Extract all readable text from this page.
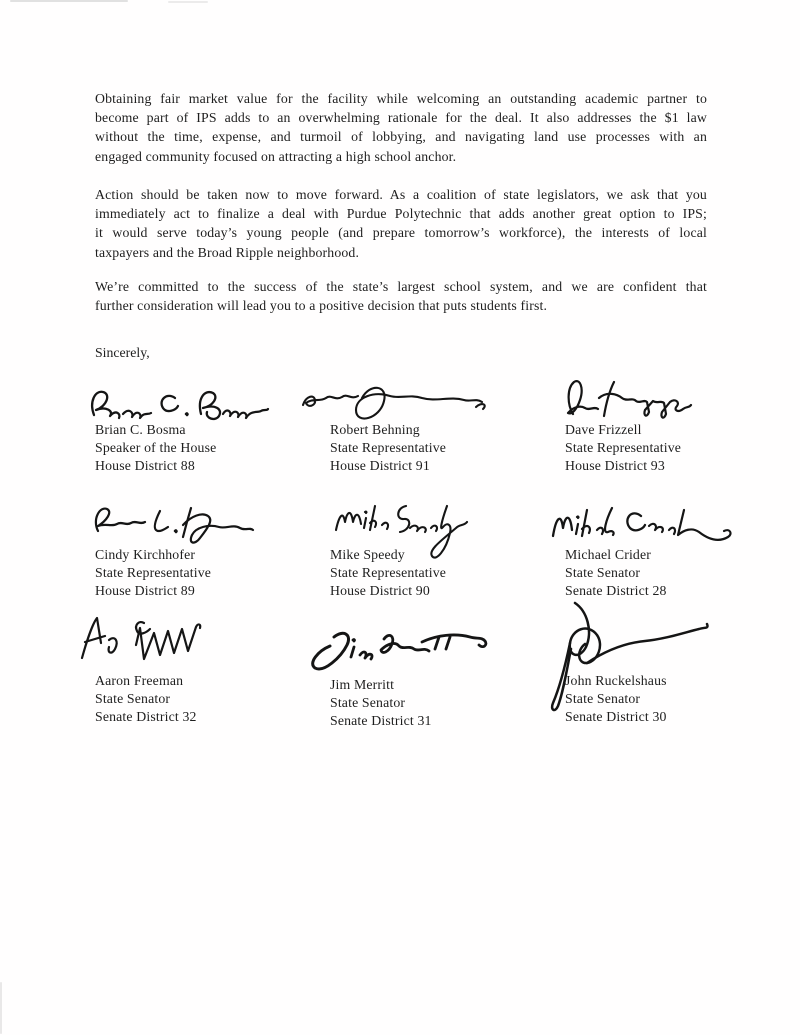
Obtaining fair market value for the facility while welcoming an outstanding academic partner to
become part of IPS adds to an overwhelming rationale for the deal. It also addresses the $1 law
without the time, expense, and turmoil of lobbying, and navigating land use processes with an
engaged community focused on attracting a high school anchor.
Action should be taken now to move forward. As a coalition of state legislators, we ask that you
immediately act to finalize a deal with Purdue Polytechnic that adds another great option to IPS;
it would serve today’s young people (and prepare tomorrow’s workforce), the interests of local
taxpayers and the Broad Ripple neighborhood.
We’re committed to the success of the state’s largest school system, and we are confident that
further consideration will lead you to a positive decision that puts students first.
Sincerely,
Brian C. Bosma
Speaker of the House
House District 88
Robert Behning
State Representative
House District 91
Dave Frizzell
State Representative
House District 93
Cindy Kirchhofer
State Representative
House District 89
Mike Speedy
State Representative
House District 90
Michael Crider
State Senator
Senate District 28
Aaron Freeman
State Senator
Senate District 32
Jim Merritt
State Senator
Senate District 31
John Ruckelshaus
State Senator
Senate District 30
